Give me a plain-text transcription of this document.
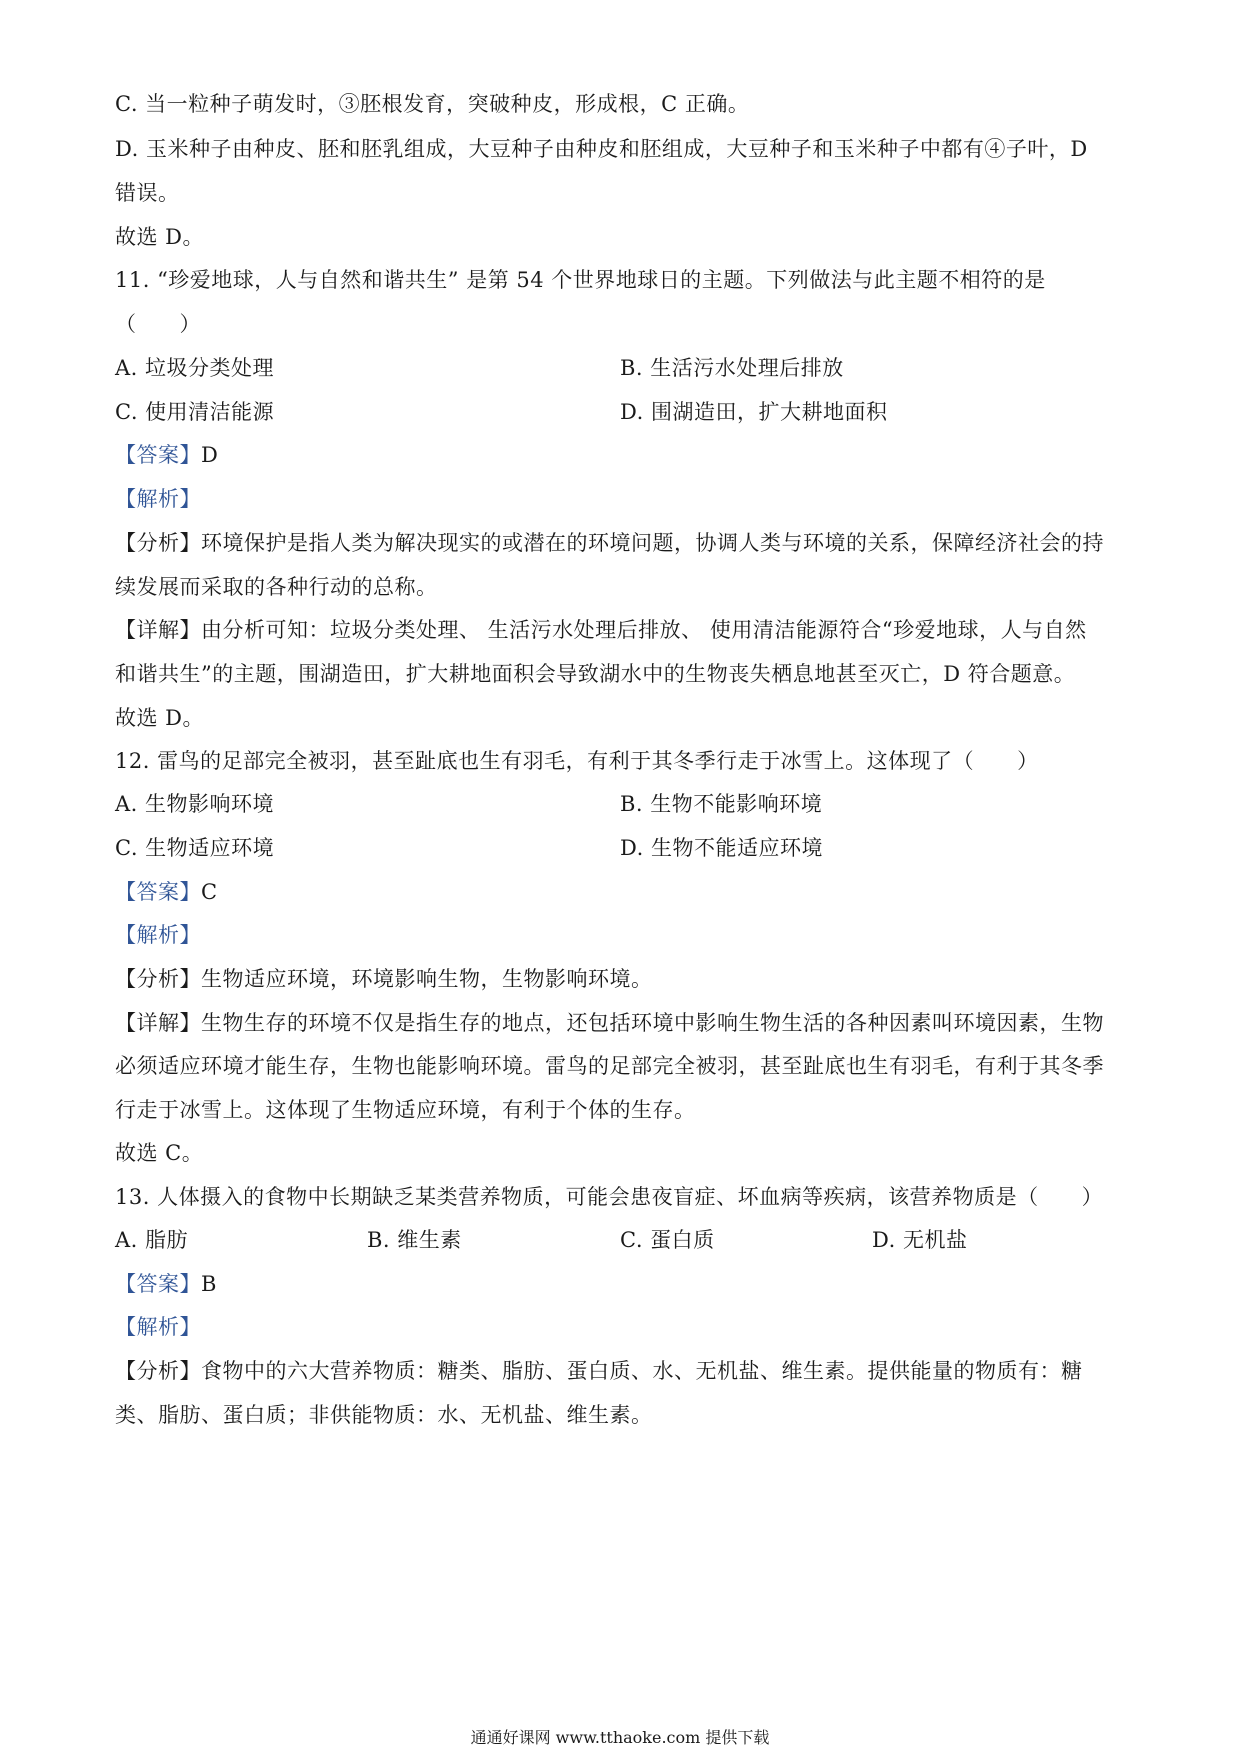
C. 当一粒种子萌发时，③胚根发育，突破种皮，形成根，C 正确。
D. 玉米种子由种皮、胚和胚乳组成，大豆种子由种皮和胚组成，大豆种子和玉米种子中都有④子叶，D
错误。
故选 D。
11. “珍爱地球，人与自然和谐共生” 是第 54 个世界地球日的主题。下列做法与此主题不相符的是
（　　）
A. 垃圾分类处理	B. 生活污水处理后排放
C. 使用清洁能源	D. 围湖造田，扩大耕地面积
【答案】D
【解析】
【分析】环境保护是指人类为解决现实的或潜在的环境问题，协调人类与环境的关系，保障经济社会的持
续发展而采取的各种行动的总称。
【详解】由分析可知：垃圾分类处理、 生活污水处理后排放、 使用清洁能源符合“珍爱地球，人与自然
和谐共生”的主题，围湖造田，扩大耕地面积会导致湖水中的生物丧失栖息地甚至灭亡，D 符合题意。
故选 D。
12. 雷鸟的足部完全被羽，甚至趾底也生有羽毛，有利于其冬季行走于冰雪上。这体现了（　　）
A. 生物影响环境	B. 生物不能影响环境
C. 生物适应环境	D. 生物不能适应环境
【答案】C
【解析】
【分析】生物适应环境，环境影响生物，生物影响环境。
【详解】生物生存的环境不仅是指生存的地点，还包括环境中影响生物生活的各种因素叫环境因素，生物
必须适应环境才能生存，生物也能影响环境。雷鸟的足部完全被羽，甚至趾底也生有羽毛，有利于其冬季
行走于冰雪上。这体现了生物适应环境，有利于个体的生存。
故选 C。
13. 人体摄入的食物中长期缺乏某类营养物质，可能会患夜盲症、坏血病等疾病，该营养物质是（　　）
A. 脂肪	B. 维生素	C. 蛋白质	D. 无机盐
【答案】B
【解析】
【分析】食物中的六大营养物质：糖类、脂肪、蛋白质、水、无机盐、维生素。提供能量的物质有：糖
类、脂肪、蛋白质；非供能物质：水、无机盐、维生素。
通通好课网 www.tthaoke.com 提供下载
